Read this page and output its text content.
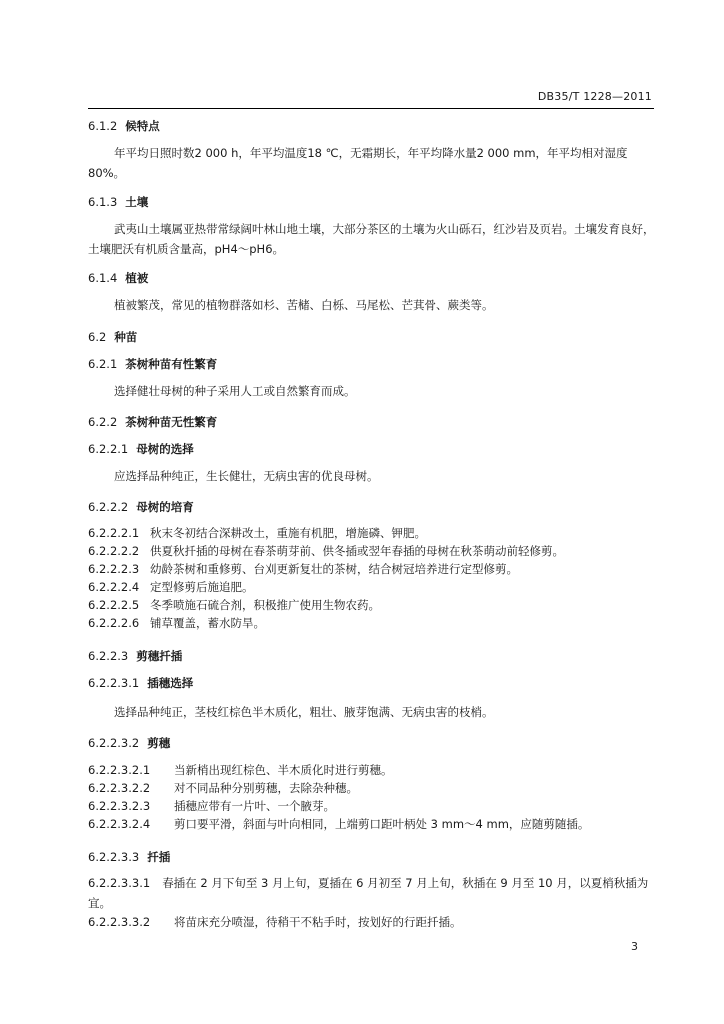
DB35/T 1228—2011
6.1.2 候特点
年平均日照时数2 000 h，年平均温度18 ℃，无霜期长，年平均降水量2 000 mm，年平均相对湿度80%。
6.1.3 土壤
武夷山土壤属亚热带常绿阔叶林山地土壤，大部分茶区的土壤为火山砾石，红沙岩及页岩。土壤发育良好，土壤肥沃有机质含量高，pH4～pH6。
6.1.4 植被
植被繁茂，常见的植物群落如杉、苦槠、白栎、马尾松、芒萁骨、蕨类等。
6.2 种苗
6.2.1 茶树种苗有性繁育
选择健壮母树的种子采用人工或自然繁育而成。
6.2.2 茶树种苗无性繁育
6.2.2.1 母树的选择
应选择品种纯正，生长健壮，无病虫害的优良母树。
6.2.2.2 母树的培育
6.2.2.2.1 秋末冬初结合深耕改土，重施有机肥，增施磷、钾肥。
6.2.2.2.2 供夏秋扦插的母树在春茶萌芽前、供冬插或翌年春插的母树在秋茶萌动前轻修剪。
6.2.2.2.3 幼龄茶树和重修剪、台刈更新复壮的茶树，结合树冠培养进行定型修剪。
6.2.2.2.4 定型修剪后施追肥。
6.2.2.2.5 冬季喷施石硫合剂，积极推广使用生物农药。
6.2.2.2.6 铺草覆盖，蓄水防旱。
6.2.2.3 剪穗扦插
6.2.2.3.1 插穗选择
选择品种纯正，茎枝红棕色半木质化，粗壮、腋芽饱满、无病虫害的枝梢。
6.2.2.3.2 剪穗
6.2.2.3.2.1 当新梢出现红棕色、半木质化时进行剪穗。
6.2.2.3.2.2 对不同品种分别剪穗，去除杂种穗。
6.2.2.3.2.3 插穗应带有一片叶、一个腋芽。
6.2.2.3.2.4 剪口要平滑，斜面与叶向相同，上端剪口距叶柄处 3 mm～4 mm，应随剪随插。
6.2.2.3.3 扦插
6.2.2.3.3.1 春插在 2 月下旬至 3 月上旬，夏插在 6 月初至 7 月上旬，秋插在 9 月至 10 月，以夏梢秋插为宜。
6.2.2.3.3.2 将苗床充分喷湿，待稍干不粘手时，按划好的行距扦插。
3
